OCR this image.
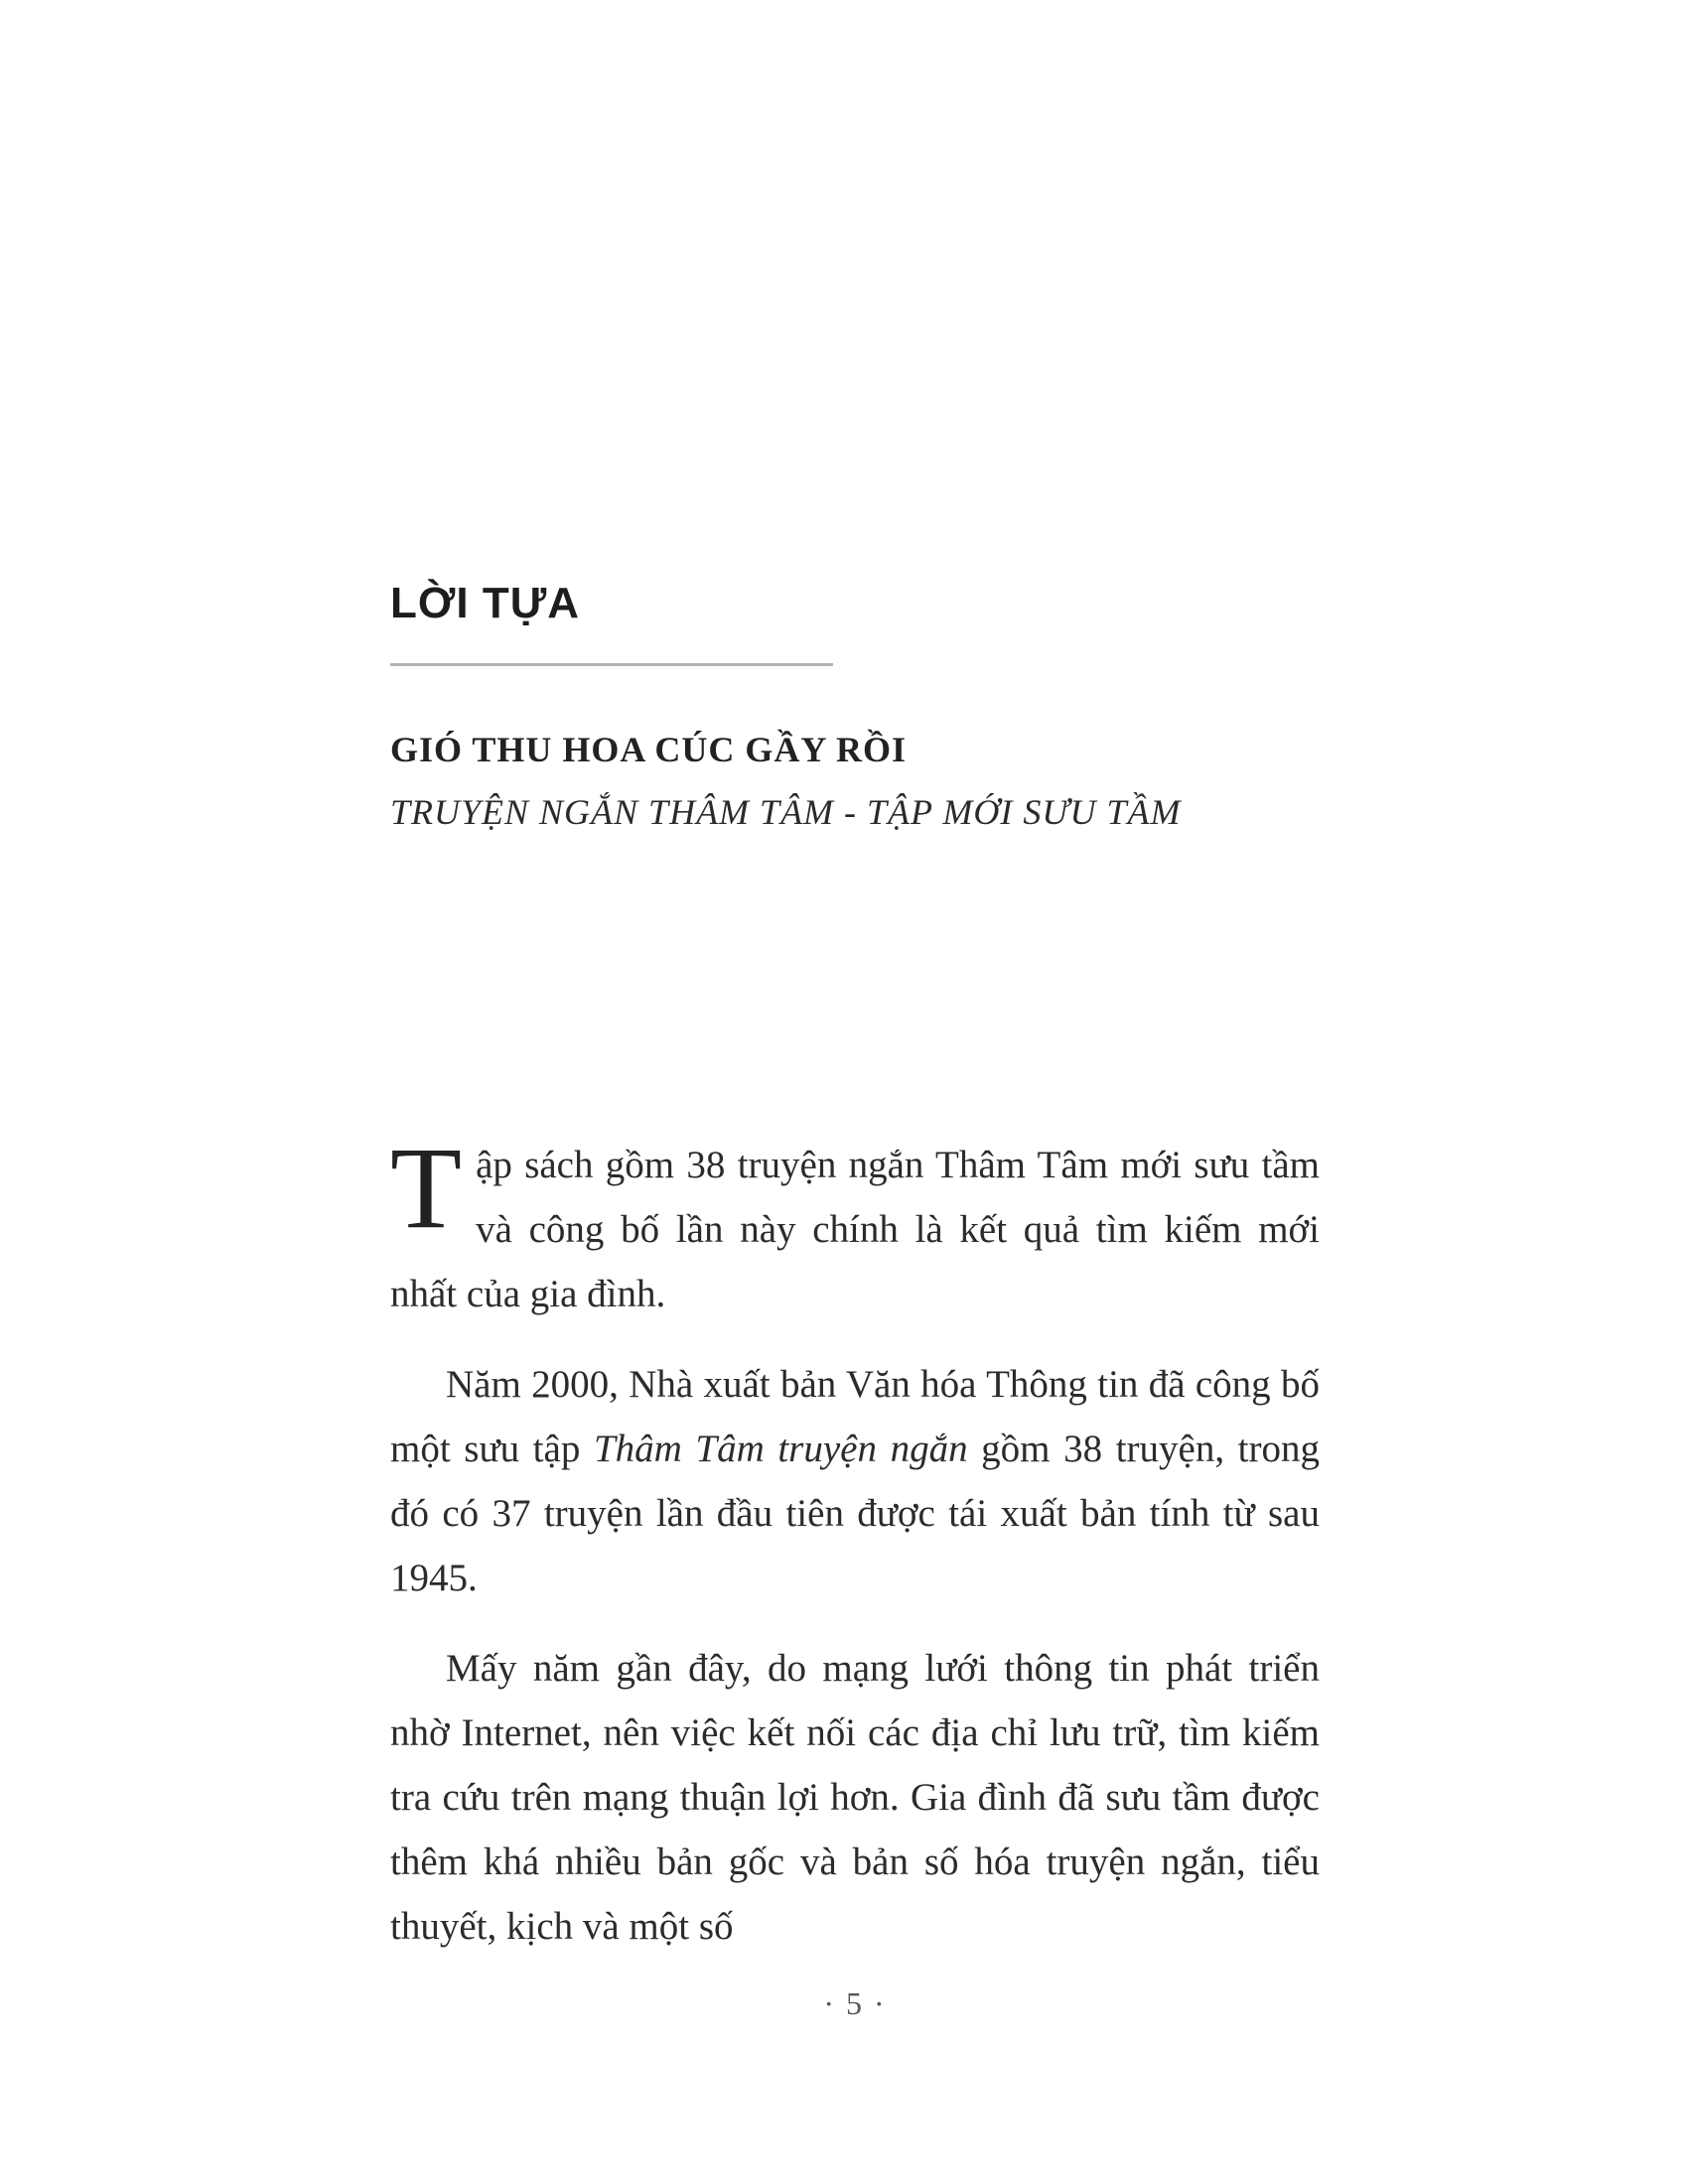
LỜI TỰA
GIÓ THU HOA CÚC GẦY RỒI
TRUYỆN NGẮN THÂM TÂM - TẬP MỚI SƯU TẦM

Tập sách gồm 38 truyện ngắn Thâm Tâm mới sưu tầm và công bố lần này chính là kết quả tìm kiếm mới nhất của gia đình.

Năm 2000, Nhà xuất bản Văn hóa Thông tin đã công bố một sưu tập Thâm Tâm truyện ngắn gồm 38 truyện, trong đó có 37 truyện lần đầu tiên được tái xuất bản tính từ sau 1945.

Mấy năm gần đây, do mạng lưới thông tin phát triển nhờ Internet, nên việc kết nối các địa chỉ lưu trữ, tìm kiếm tra cứu trên mạng thuận lợi hơn. Gia đình đã sưu tầm được thêm khá nhiều bản gốc và bản số hóa truyện ngắn, tiểu thuyết, kịch và một số

· 5 ·
